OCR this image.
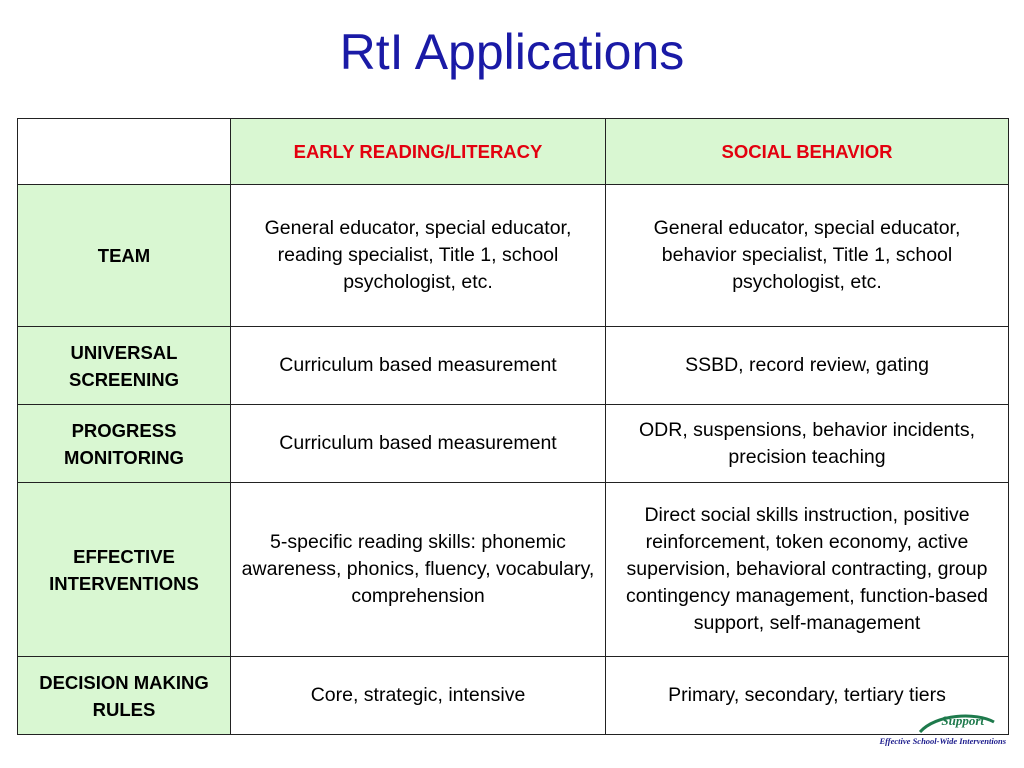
RtI Applications
	EARLY READING/LITERACY	SOCIAL BEHAVIOR
TEAM	General educator, special educator, reading specialist, Title 1, school psychologist, etc.	General educator, special educator, behavior specialist, Title 1, school psychologist, etc.
UNIVERSAL SCREENING	Curriculum based measurement	SSBD, record review, gating
PROGRESS MONITORING	Curriculum based measurement	ODR, suspensions, behavior incidents, precision teaching
EFFECTIVE INTERVENTIONS	5-specific reading skills: phonemic awareness, phonics, fluency, vocabulary, comprehension	Direct social skills instruction, positive reinforcement, token economy, active supervision, behavioral contracting, group contingency management, function-based support, self-management
DECISION MAKING RULES	Core, strategic, intensive	Primary, secondary, tertiary tiers
Support
Effective School-Wide Interventions
